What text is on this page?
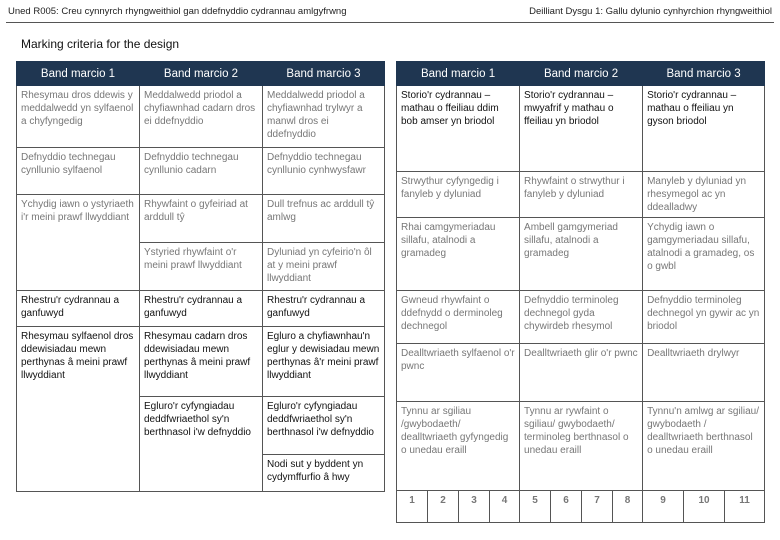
Uned R005: Creu cynnyrch rhyngweithiol gan ddefnyddio cydrannau amlgyfrwng	Deilliant Dysgu 1: Gallu dylunio cynhyrchion rhyngweithiol
Marking criteria for the design
Band marcio 1	Band marcio 2	Band marcio 3
Rhesymau dros ddewis y meddalwedd yn sylfaenol a chyfyngedig	Meddalwedd priodol a chyfiawnhad cadarn dros ei ddefnyddio	Meddalwedd priodol a chyfiawnhad trylwyr a manwl dros ei ddefnyddio
Defnyddio technegau cynllunio sylfaenol	Defnyddio technegau cynllunio cadarn	Defnyddio technegau cynllunio cynhwysfawr
Ychydig iawn o ystyriaeth i'r meini prawf llwyddiant	Rhywfaint o gyfeiriad at arddull tŷ	Dull trefnus ac arddull tŷ amlwg
	Ystyried rhywfaint o'r meini prawf llwyddiant	Dyluniad yn cyfeirio'n ôl at y meini prawf llwyddiant
Rhestru'r cydrannau a ganfuwyd	Rhestru'r cydrannau a ganfuwyd	Rhestru'r cydrannau a ganfuwyd
Rhesymau sylfaenol dros ddewisiadau mewn perthynas â meini prawf llwyddiant	Rhesymau cadarn dros ddewisiadau mewn perthynas â meini prawf llwyddiant	Egluro a chyfiawnhau'n eglur y dewisiadau mewn perthynas â'r meini prawf llwyddiant
	Egluro'r cyfyngiadau deddfwriaethol sy'n berthnasol i'w defnyddio	Egluro'r cyfyngiadau deddfwriaethol sy'n berthnasol i'w defnyddio
		Nodi sut y byddent yn cydymffurfio â hwy
Band marcio 1				Band marcio 2				Band marcio 3		
Storio'r cydrannau – mathau o ffeiliau ddim bob amser yn briodol				Storio'r cydrannau – mwyafrif y mathau o ffeiliau yn briodol				Storio'r cydrannau – mathau o ffeiliau yn gyson briodol		
Strwythur cyfyngedig i fanyleb y dyluniad				Rhywfaint o strwythur i fanyleb y dyluniad				Manyleb y dyluniad yn rhesymegol ac yn ddealladwy		
Rhai camgymeriadau sillafu, atalnodi a gramadeg				Ambell gamgymeriad sillafu, atalnodi a gramadeg				Ychydig iawn o gamgymeriadau sillafu, atalnodi a gramadeg, os o gwbl		
Gwneud rhywfaint o ddefnydd o derminoleg dechnegol				Defnyddio terminoleg dechnegol gyda chywirdeb rhesymol				Defnyddio terminoleg dechnegol yn gywir ac yn briodol		
Dealltwriaeth sylfaenol o'r pwnc				Dealltwriaeth glir o'r pwnc				Dealltwriaeth drylwyr		
Tynnu ar sgiliau /gwybodaeth/ dealltwriaeth gyfyngedig o unedau eraill				Tynnu ar rywfaint o sgiliau/ gwybodaeth/ terminoleg berthnasol o unedau eraill				Tynnu'n amlwg ar sgiliau/ gwybodaeth / dealltwriaeth berthnasol o unedau eraill		
1	2	3	4	5	6	7	8	9	10	11
